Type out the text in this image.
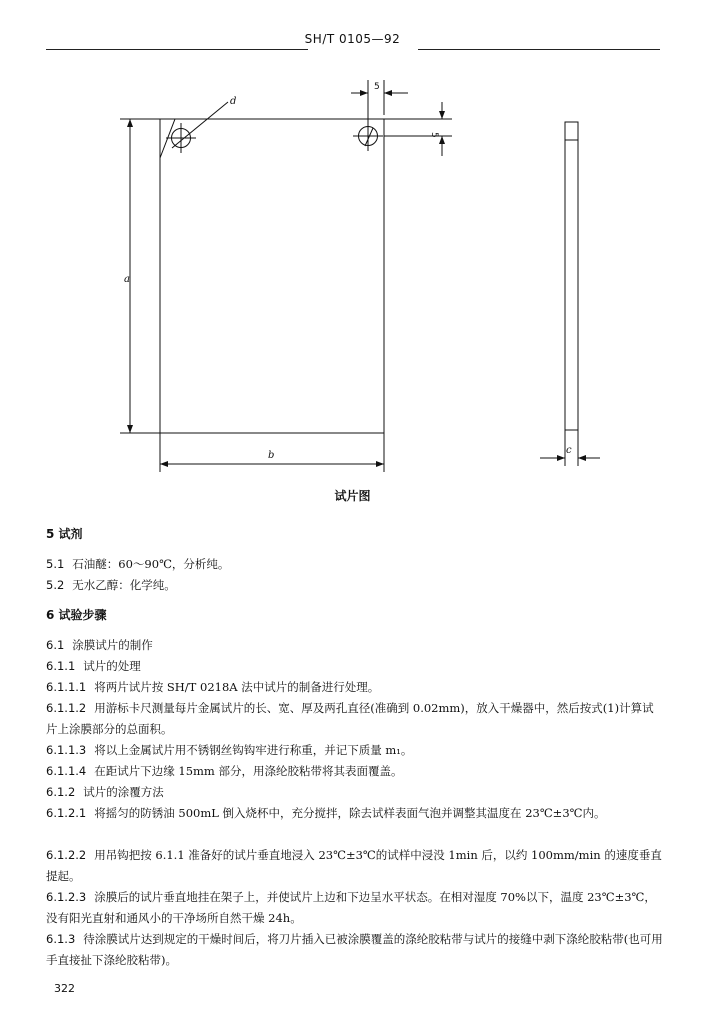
SH/T 0105—92
d
a
b	c
5
5
试片图
5 试剂
5.1 石油醚：60～90℃，分析纯。
5.2 无水乙醇：化学纯。
6 试验步骤
6.1 涂膜试片的制作
6.1.1 试片的处理
6.1.1.1 将两片试片按 SH/T 0218A 法中试片的制备进行处理。
6.1.1.2 用游标卡尺测量每片金属试片的长、宽、厚及两孔直径(准确到 0.02mm)，放入干燥器中，然后按式(1)计算试片上涂膜部分的总面积。
6.1.1.3 将以上金属试片用不锈钢丝钩钩牢进行称重，并记下质量 m₁。
6.1.1.4 在距试片下边缘 15mm 部分，用涤纶胶粘带将其表面覆盖。
6.1.2 试片的涂覆方法
6.1.2.1 将摇匀的防锈油 500mL 倒入烧杯中，充分搅拌，除去试样表面气泡并调整其温度在 23℃±3℃内。
6.1.2.2 用吊钩把按 6.1.1 准备好的试片垂直地浸入 23℃±3℃的试样中浸没 1min 后，以约 100mm/min 的速度垂直提起。
6.1.2.3 涂膜后的试片垂直地挂在架子上，并使试片上边和下边呈水平状态。在相对湿度 70%以下，温度 23℃±3℃，没有阳光直射和通风小的干净场所自然干燥 24h。
6.1.3 待涂膜试片达到规定的干燥时间后，将刀片插入已被涂膜覆盖的涤纶胶粘带与试片的接缝中剥下涤纶胶粘带(也可用手直接扯下涤纶胶粘带)。
322
